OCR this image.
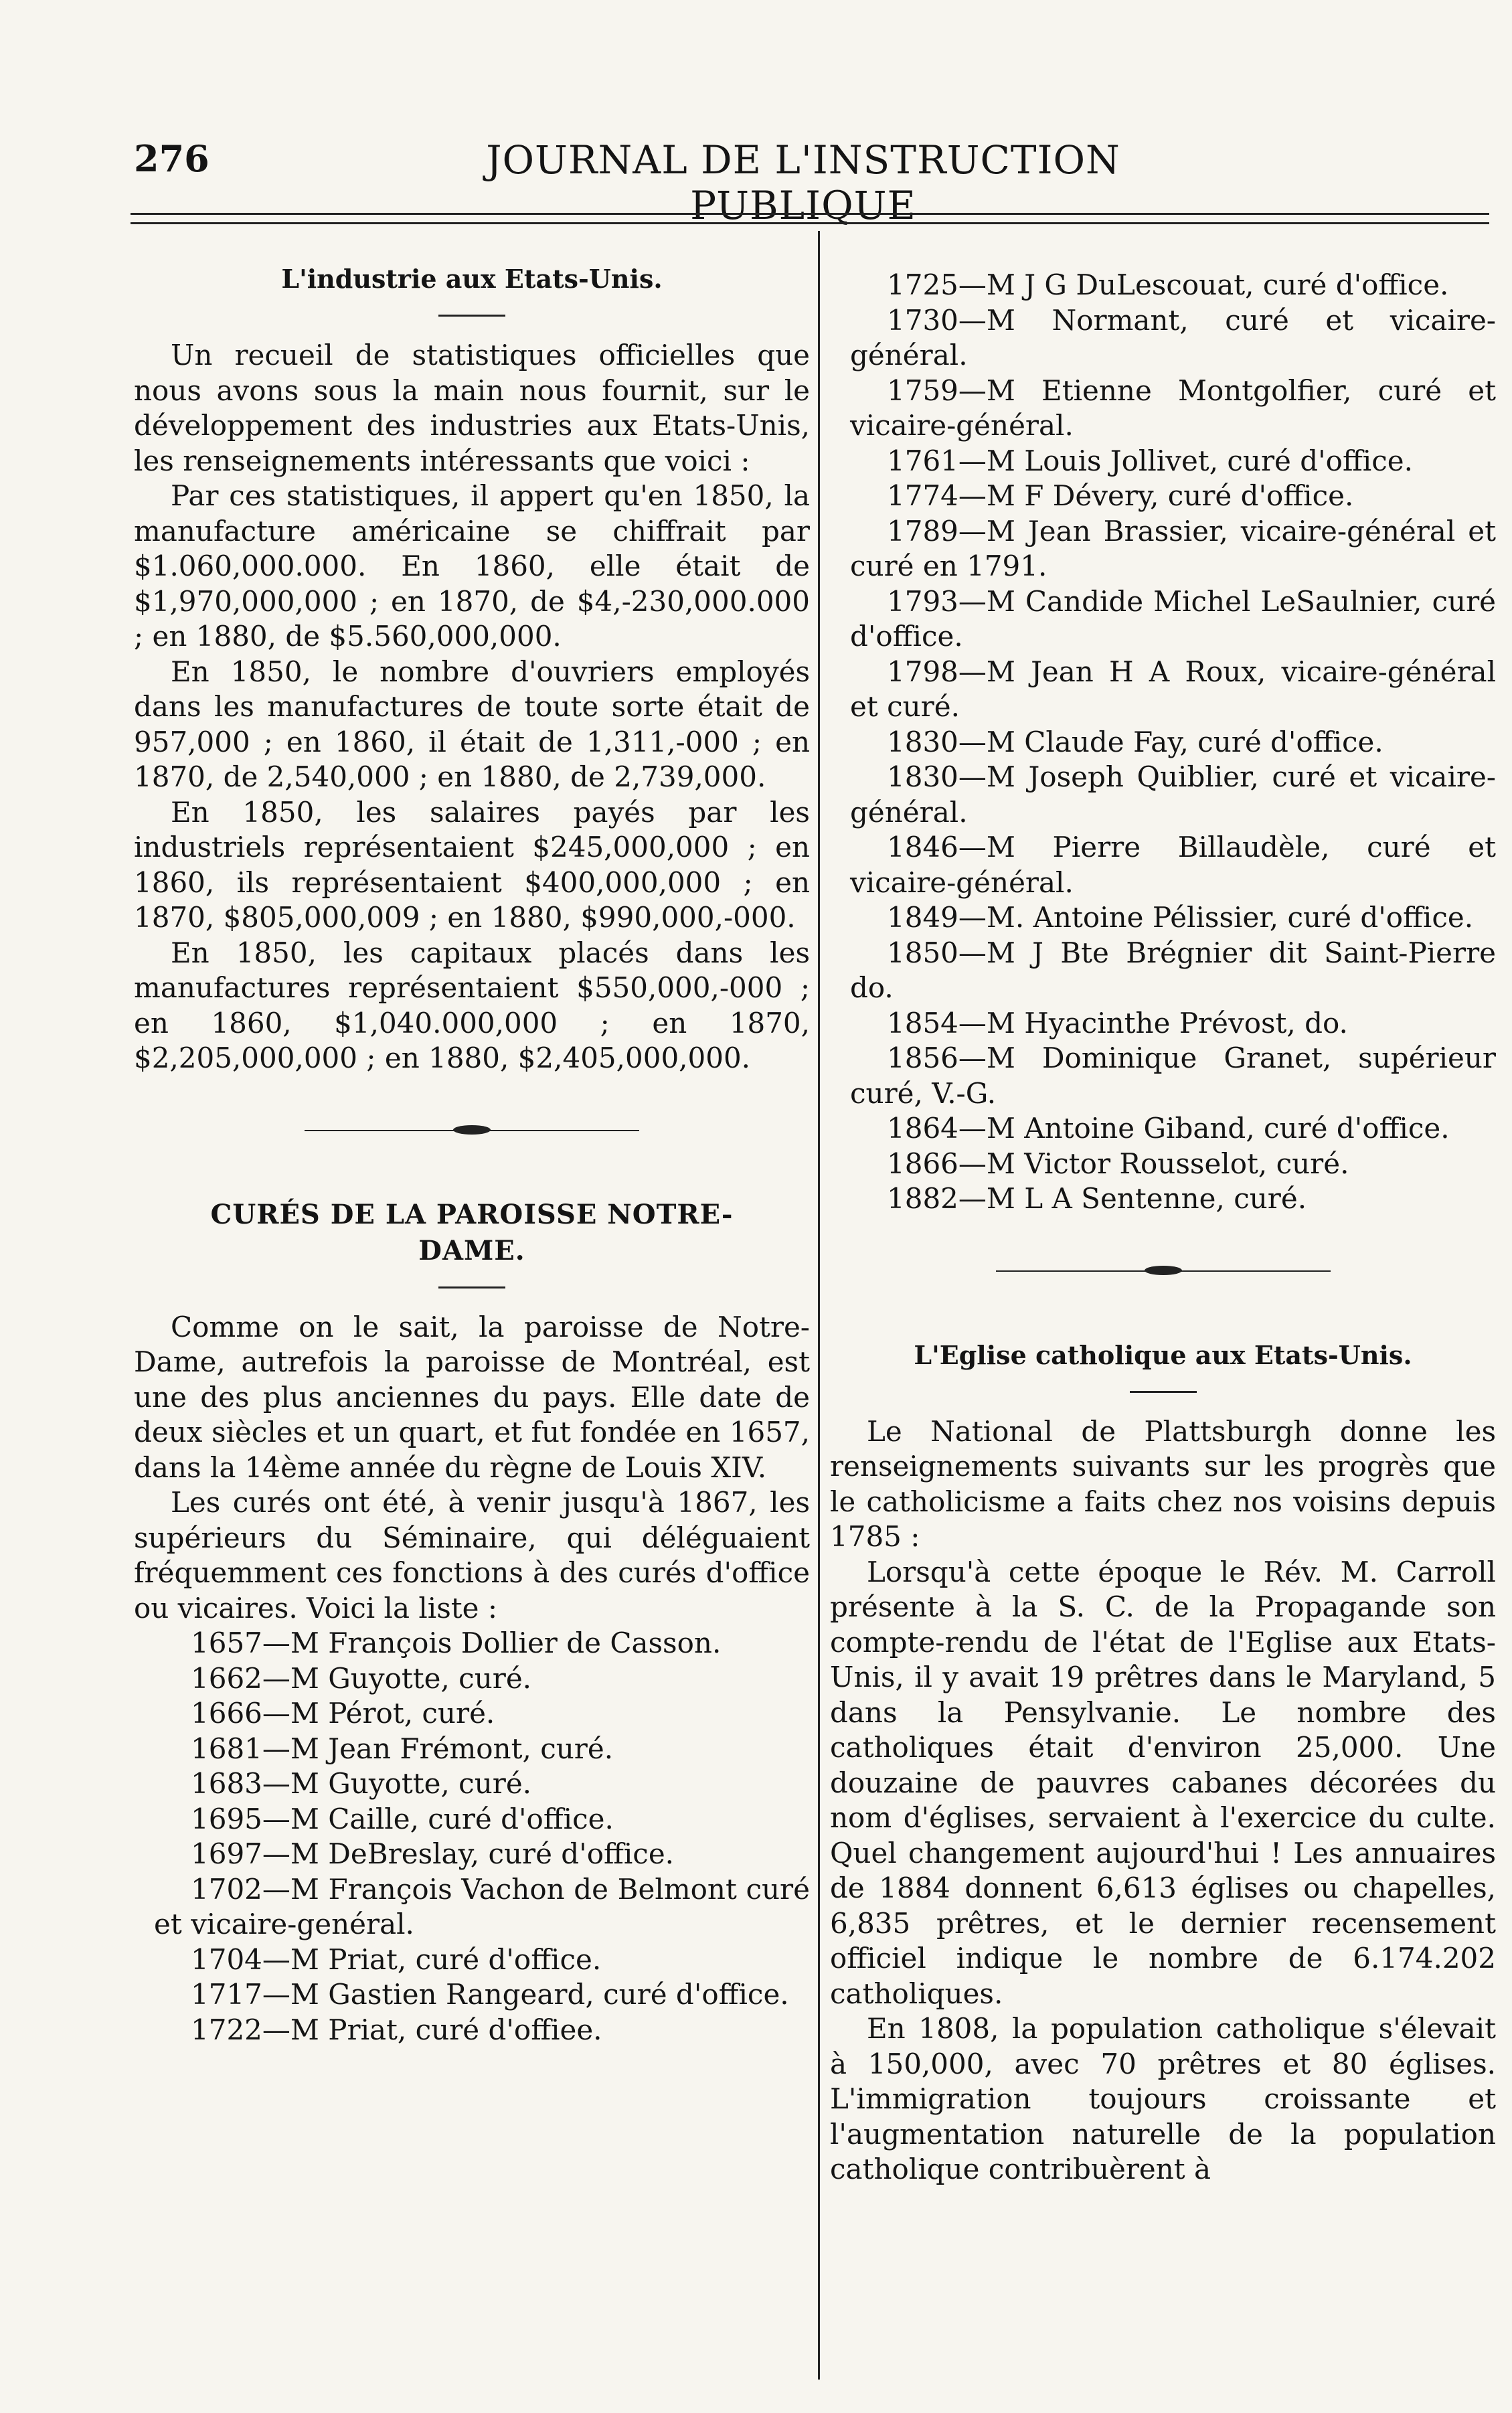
276	JOURNAL DE L'INSTRUCTION PUBLIQUE
L'industrie aux Etats-Unis.

Un recueil de statistiques officielles que nous avons sous la main nous fournit, sur le développement des industries aux Etats-Unis, les renseignements intéressants que voici :

Par ces statistiques, il appert qu'en 1850, la manufacture américaine se chiffrait par $1.060,000.000. En 1860, elle était de $1,970,000,000 ; en 1870, de $4,-230,000.000 ; en 1880, de $5.560,000,000.

En 1850, le nombre d'ouvriers employés dans les manufactures de toute sorte était de 957,000 ; en 1860, il était de 1,311,-000 ; en 1870, de 2,540,000 ; en 1880, de 2,739,000.

En 1850, les salaires payés par les industriels représentaient $245,000,000 ; en 1860, ils représentaient $400,000,000 ; en 1870, $805,000,009 ; en 1880, $990,000,-000.

En 1850, les capitaux placés dans les manufactures représentaient $550,000,-000 ; en 1860, $1,040.000,000 ; en 1870, $2,205,000,000 ; en 1880, $2,405,000,000.

CURÉS DE LA PAROISSE NOTRE-
DAME.

Comme on le sait, la paroisse de Notre-Dame, autrefois la paroisse de Montréal, est une des plus anciennes du pays. Elle date de deux siècles et un quart, et fut fondée en 1657, dans la 14ème année du règne de Louis XIV.

Les curés ont été, à venir jusqu'à 1867, les supérieurs du Séminaire, qui déléguaient fréquemment ces fonctions à des curés d'office ou vicaires. Voici la liste :

1657—M François Dollier de Casson.

1662—M Guyotte, curé.

1666—M Pérot, curé.

1681—M Jean Frémont, curé.

1683—M Guyotte, curé.

1695—M Caille, curé d'office.

1697—M DeBreslay, curé d'office.

1702—M François Vachon de Belmont curé et vicaire-genéral.

1704—M Priat, curé d'office.

1717—M Gastien Rangeard, curé d'office.

1722—M Priat, curé d'offiee.

1725—M J G DuLescouat, curé d'office.

1730—M Normant, curé et vicaire-général.

1759—M Etienne Montgolfier, curé et vicaire-général.

1761—M Louis Jollivet, curé d'office.

1774—M F Dévery, curé d'office.

1789—M Jean Brassier, vicaire-général et curé en 1791.

1793—M Candide Michel LeSaulnier, curé d'office.

1798—M Jean H A Roux, vicaire-général et curé.

1830—M Claude Fay, curé d'office.

1830—M Joseph Quiblier, curé et vicaire-général.

1846—M Pierre Billaudèle, curé et vicaire-général.

1849—M. Antoine Pélissier, curé d'office.

1850—M J Bte Brégnier dit Saint-Pierre do.

1854—M Hyacinthe Prévost, do.

1856—M Dominique Granet, supérieur curé, V.-G.

1864—M Antoine Giband, curé d'office.

1866—M Victor Rousselot, curé.

1882—M L A Sentenne, curé.

L'Eglise catholique aux Etats-Unis.

Le National de Plattsburgh donne les renseignements suivants sur les progrès que le catholicisme a faits chez nos voisins depuis 1785 :

Lorsqu'à cette époque le Rév. M. Carroll présente à la S. C. de la Propagande son compte-rendu de l'état de l'Eglise aux Etats-Unis, il y avait 19 prêtres dans le Maryland, 5 dans la Pensylvanie. Le nombre des catholiques était d'environ 25,000. Une douzaine de pauvres cabanes décorées du nom d'églises, servaient à l'exercice du culte. Quel changement aujourd'hui ! Les annuaires de 1884 donnent 6,613 églises ou chapelles, 6,835 prêtres, et le dernier recensement officiel indique le nombre de 6.174.202 catholiques.

En 1808, la population catholique s'élevait à 150,000, avec 70 prêtres et 80 églises. L'immigration toujours croissante et l'augmentation naturelle de la population catholique contribuèrent à
